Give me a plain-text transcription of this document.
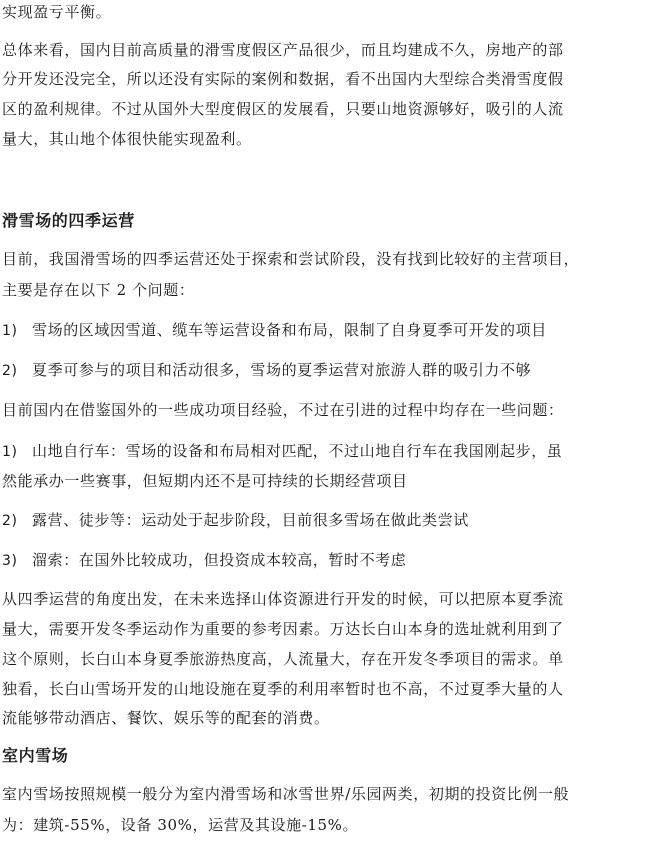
实现盈亏平衡。
总体来看，国内目前高质量的滑雪度假区产品很少，而且均建成不久，房地产的部
分开发还没完全，所以还没有实际的案例和数据，看不出国内大型综合类滑雪度假
区的盈利规律。不过从国外大型度假区的发展看，只要山地资源够好，吸引的人流
量大，其山地个体很快能实现盈利。
滑雪场的四季运营
目前，我国滑雪场的四季运营还处于探索和尝试阶段，没有找到比较好的主营项目，
主要是存在以下 2 个问题：
1) 雪场的区域因雪道、缆车等运营设备和布局，限制了自身夏季可开发的项目
2) 夏季可参与的项目和活动很多，雪场的夏季运营对旅游人群的吸引力不够
目前国内在借鉴国外的一些成功项目经验，不过在引进的过程中均存在一些问题：
1) 山地自行车：雪场的设备和布局相对匹配，不过山地自行车在我国刚起步，虽
然能承办一些赛事，但短期内还不是可持续的长期经营项目
2) 露营、徒步等：运动处于起步阶段，目前很多雪场在做此类尝试
3) 溜索：在国外比较成功，但投资成本较高，暂时不考虑
从四季运营的角度出发，在未来选择山体资源进行开发的时候，可以把原本夏季流
量大，需要开发冬季运动作为重要的参考因素。万达长白山本身的选址就利用到了
这个原则，长白山本身夏季旅游热度高，人流量大，存在开发冬季项目的需求。单
独看，长白山雪场开发的山地设施在夏季的利用率暂时也不高，不过夏季大量的人
流能够带动酒店、餐饮、娱乐等的配套的消费。
室内雪场
室内雪场按照规模一般分为室内滑雪场和冰雪世界/乐园两类，初期的投资比例一般
为：建筑-55%，设备 30%，运营及其设施-15%。
